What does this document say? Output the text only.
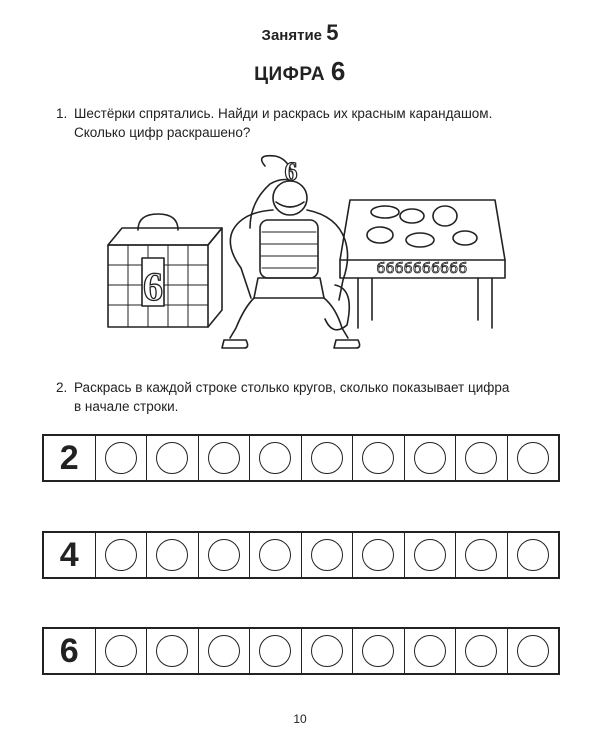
Занятие 5
ЦИФРА 6
1. Шестёрки спрятались. Найди и раскрась их красным карандашом.
Сколько цифр раскрашено?
6
6
бббббббббб
2. Раскрась в каждой строке столько кругов, сколько показывает цифра
в начале строки.
2
4
6
10
